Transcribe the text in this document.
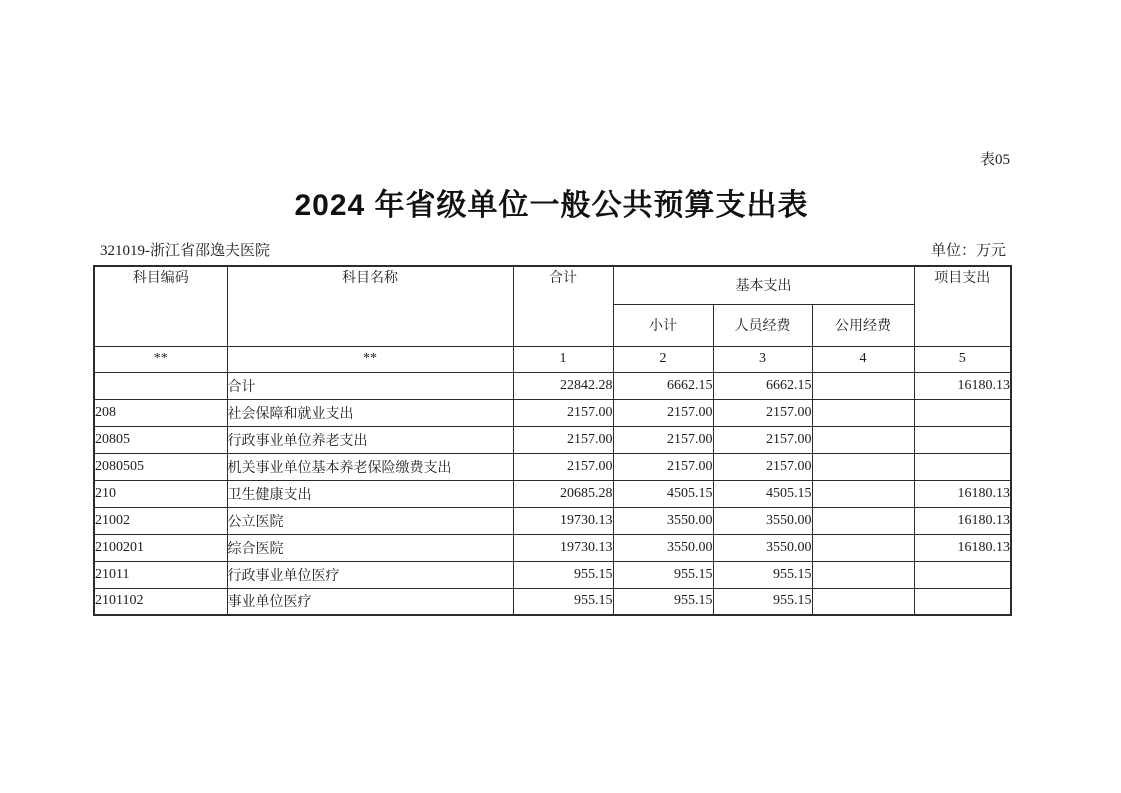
表05
2024 年省级单位一般公共预算支出表
321019-浙江省邵逸夫医院	单位：万元
科目编码	科目名称	合计	基本支出			项目支出
			小计	人员经费	公用经费	
**	**	1	2	3	4	5
	合计	22842.28	6662.15	6662.15		16180.13
208	社会保障和就业支出	2157.00	2157.00	2157.00		
20805	行政事业单位养老支出	2157.00	2157.00	2157.00		
2080505	机关事业单位基本养老保险缴费支出	2157.00	2157.00	2157.00		
210	卫生健康支出	20685.28	4505.15	4505.15		16180.13
21002	公立医院	19730.13	3550.00	3550.00		16180.13
2100201	综合医院	19730.13	3550.00	3550.00		16180.13
21011	行政事业单位医疗	955.15	955.15	955.15		
2101102	事业单位医疗	955.15	955.15	955.15		
